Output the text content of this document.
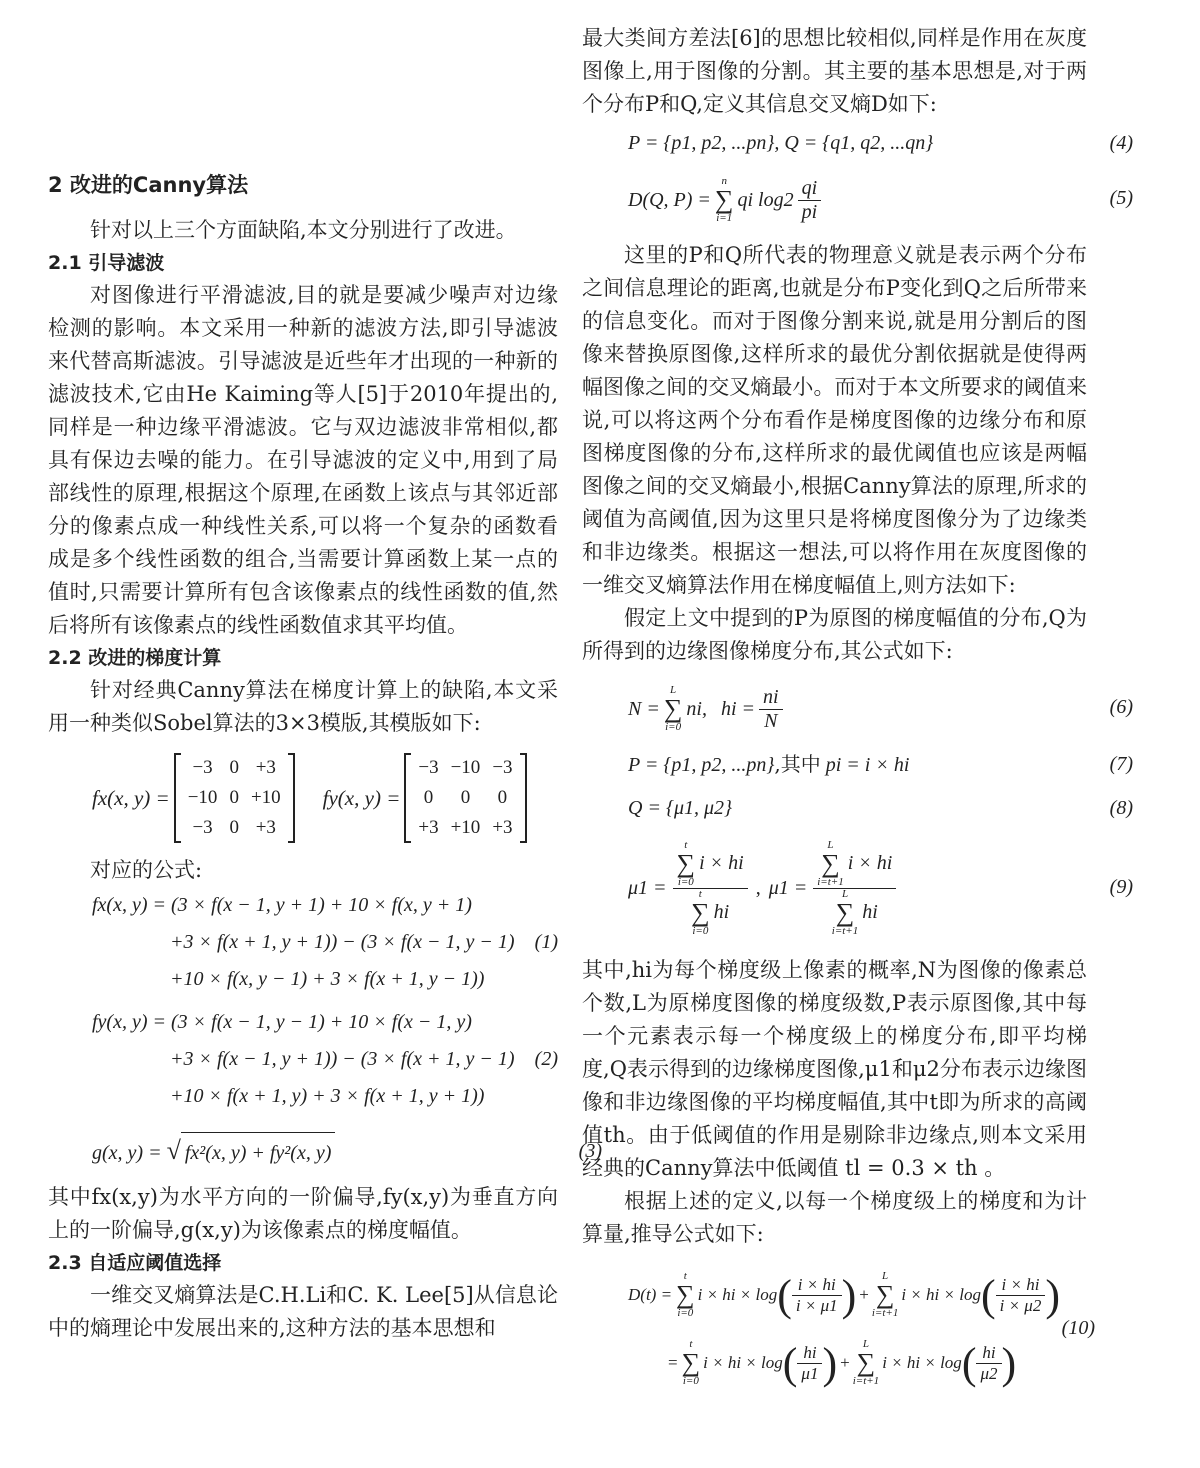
2 改进的Canny算法

针对以上三个方面缺陷,本文分别进行了改进。

2.1 引导滤波

对图像进行平滑滤波,目的就是要减少噪声对边缘检测的影响。本文采用一种新的滤波方法,即引导滤波来代替高斯滤波。引导滤波是近些年才出现的一种新的滤波技术,它由He Kaiming等人[5]于2010年提出的,同样是一种边缘平滑滤波。它与双边滤波非常相似,都具有保边去噪的能力。在引导滤波的定义中,用到了局部线性的原理,根据这个原理,在函数上该点与其邻近部分的像素点成一种线性关系,可以将一个复杂的函数看成是多个线性函数的组合,当需要计算函数上某一点的值时,只需要计算所有包含该像素点的线性函数的值,然后将所有该像素点的线性函数值求其平均值。

2.2 改进的梯度计算

针对经典Canny算法在梯度计算上的缺陷,本文采用一种类似Sobel算法的3×3模版,其模版如下:

fx(x, y) =
−3	0	+3
−10	0	+10
−3	0	+3
fy(x, y) =
−3	−10	−3
0	0	0
+3	+10	+3

对应的公式:

fx(x, y) = (3 × f(x − 1, y + 1) + 10 × f(x, y + 1)
+3 × f(x + 1, y + 1)) − (3 × f(x − 1, y − 1)
+10 × f(x, y − 1) + 3 × f(x + 1, y − 1))
(1)
fy(x, y) = (3 × f(x − 1, y − 1) + 10 × f(x − 1, y)
+3 × f(x − 1, y + 1)) − (3 × f(x + 1, y − 1)
+10 × f(x + 1, y) + 3 × f(x + 1, y + 1))
(2)
g(x, y) = √ fx²(x, y) + fy²(x, y)	(3)

其中fx(x,y)为水平方向的一阶偏导,fy(x,y)为垂直方向上的一阶偏导,g(x,y)为该像素点的梯度幅值。

2.3 自适应阈值选择

一维交叉熵算法是C.H.Li和C. K. Lee[5]从信息论中的熵理论中发展出来的,这种方法的基本思想和

最大类间方差法[6]的思想比较相似,同样是作用在灰度图像上,用于图像的分割。其主要的基本思想是,对于两个分布P和Q,定义其信息交叉熵D如下:

P = {p1, p2, ...pn}, Q = {q1, q2, ...qn}	(4)
D(Q, P) =
n
∑
i=1
qi $\log 2 \frac{qi}{pi}$	(5)

这里的P和Q所代表的物理意义就是表示两个分布之间信息理论的距离,也就是分布P变化到Q之后所带来的信息变化。而对于图像分割来说,就是用分割后的图像来替换原图像,这样所求的最优分割依据就是使得两幅图像之间的交叉熵最小。而对于本文所要求的阈值来说,可以将这两个分布看作是梯度图像的边缘分布和原图梯度图像的分布,这样所求的最优阈值也应该是两幅图像之间的交叉熵最小,根据Canny算法的原理,所求的阈值为高阈值,因为这里只是将梯度图像分为了边缘类和非边缘类。根据这一想法,可以将作用在灰度图像的一维交叉熵算法作用在梯度幅值上,则方法如下:

假定上文中提到的P为原图的梯度幅值的分布,Q为所得到的边缘图像梯度分布,其公式如下:

N =
L
∑
i=0
ni, hi = $\frac{ni}{N}$	(6)
P = {p1, p2, ...pn},其中 pi = i × hi	(7)
Q = {μ1, μ2}	(8)
μ1 = t
∑
i=0
i × hi
t
∑
i=0
hi , μ1 = L
∑
i=t+1
i × hi
L
∑
i=t+1
hi	(9)

其中,hi为每个梯度级上像素的概率,N为图像的像素总个数,L为原梯度图像的梯度级数,P表示原图像,其中每一个元素表示每一个梯度级上的梯度分布,即平均梯度,Q表示得到的边缘梯度图像,μ1和μ2分布表示边缘图像和非边缘图像的平均梯度幅值,其中t即为所求的高阈值th。由于低阈值的作用是剔除非边缘点,则本文采用经典的Canny算法中低阈值 tl = 0.3 × th 。

根据上述的定义,以每一个梯度级上的梯度和为计算量,推导公式如下:

D(t) =
t
∑
i=0
i × hi × log ( $\frac{i \times hi}{i \times \mu 1}$ ) +
L
∑
i=t+1
i × hi × log ( $\frac{i \times hi}{i \times \mu 2}$ )
=
t
∑
i=0
i × hi × log ( $\frac{hi}{\mu 1}$ ) +
L
∑
i=t+1
i × hi × log ( $\frac{hi}{\mu 2}$ )
(10)
